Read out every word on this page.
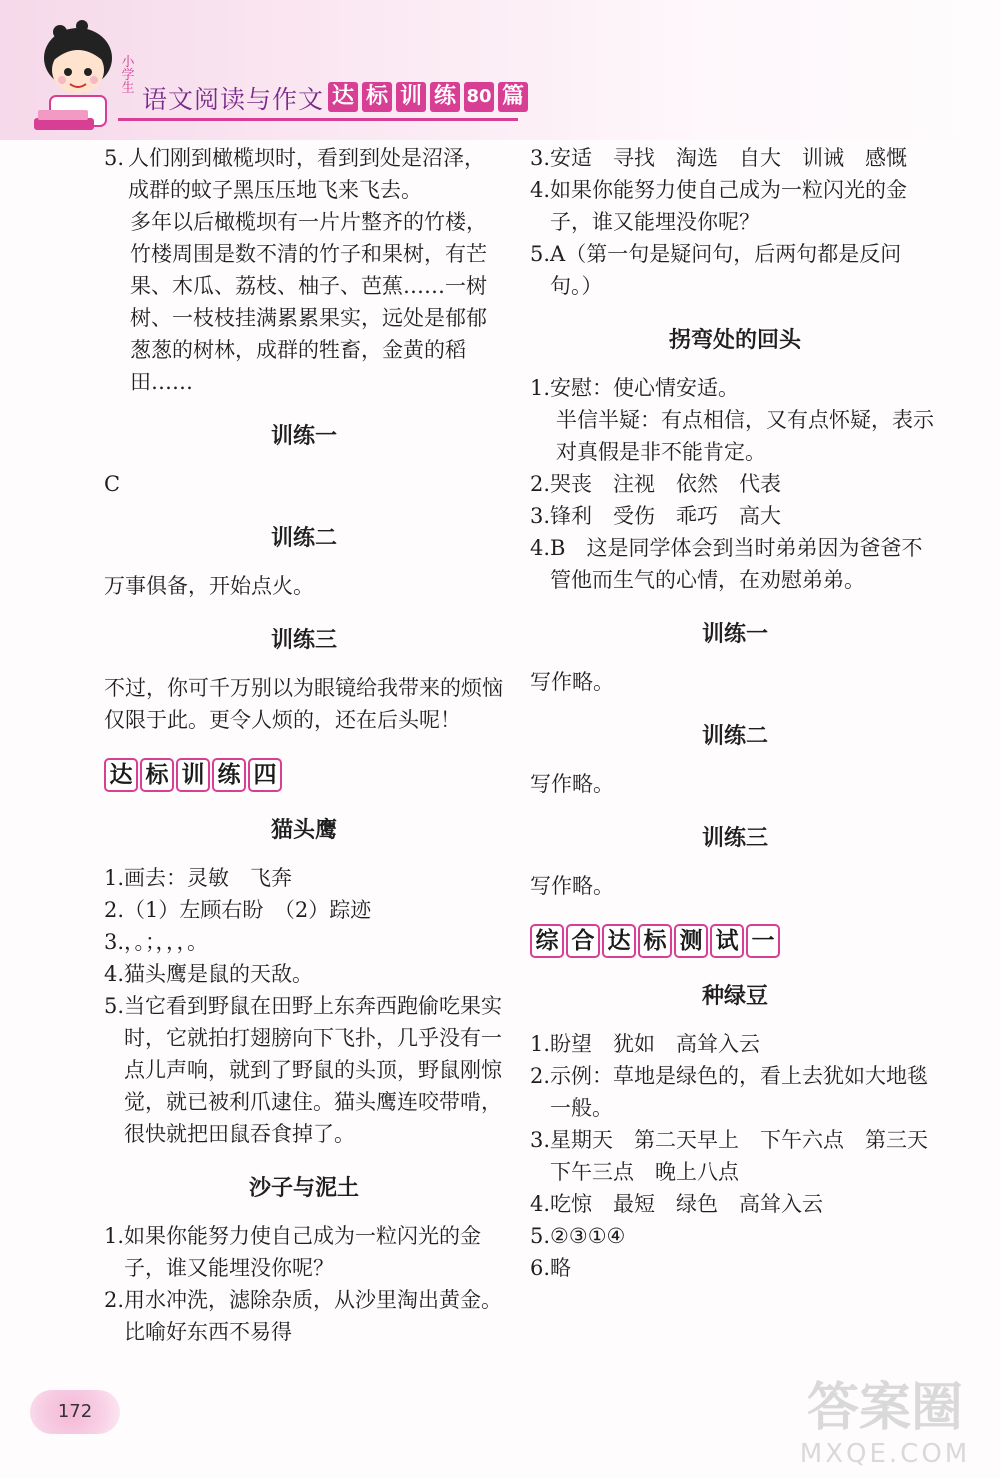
小学生 语文阅读与作文 达 标 训 练 80 篇
5. 人们刚到橄榄坝时，看到到处是沼泽，成群的蚊子黑压压地飞来飞去。
多年以后橄榄坝有一片片整齐的竹楼，竹楼周围是数不清的竹子和果树，有芒果、木瓜、荔枝、柚子、芭蕉……一树树、一枝枝挂满累累果实，远处是郁郁葱葱的树林，成群的牲畜，金黄的稻田……
训练一
C
训练二
万事俱备，开始点火。
训练三
不过，你可千万别以为眼镜给我带来的烦恼仅限于此。更令人烦的，还在后头呢！
达 标 训 练 四
猫头鹰
1. 画去：灵敏　飞奔
2. （1）左顾右盼　（2）踪迹
3. ，。；，，，。
4. 猫头鹰是鼠的天敌。
5. 当它看到野鼠在田野上东奔西跑偷吃果实时，它就拍打翅膀向下飞扑，几乎没有一点儿声响，就到了野鼠的头顶，野鼠刚惊觉，就已被利爪逮住。猫头鹰连咬带啃，很快就把田鼠吞食掉了。
沙子与泥土
1. 如果你能努力使自己成为一粒闪光的金子，谁又能埋没你呢？
2. 用水冲洗，滤除杂质，从沙里淘出黄金。比喻好东西不易得
3. 安适　寻找　淘选　自大　训诫　感慨
4. 如果你能努力使自己成为一粒闪光的金子，谁又能埋没你呢？
5. A（第一句是疑问句，后两句都是反问句。）
拐弯处的回头
1. 安慰：使心情安适。
半信半疑：有点相信，又有点怀疑，表示对真假是非不能肯定。
2. 哭丧　注视　依然　代表
3. 锋利　受伤　乖巧　高大
4. B　这是同学体会到当时弟弟因为爸爸不管他而生气的心情，在劝慰弟弟。
训练一
写作略。
训练二
写作略。
训练三
写作略。
综 合 达 标 测 试 一
种绿豆
1. 盼望　犹如　高耸入云
2. 示例：草地是绿色的，看上去犹如大地毯一般。
3. 星期天　第二天早上　下午六点　第三天　下午三点　晚上八点
4. 吃惊　最短　绿色　高耸入云
5. ②③①④
6. 略
172	答案圈
MXQE.COM
